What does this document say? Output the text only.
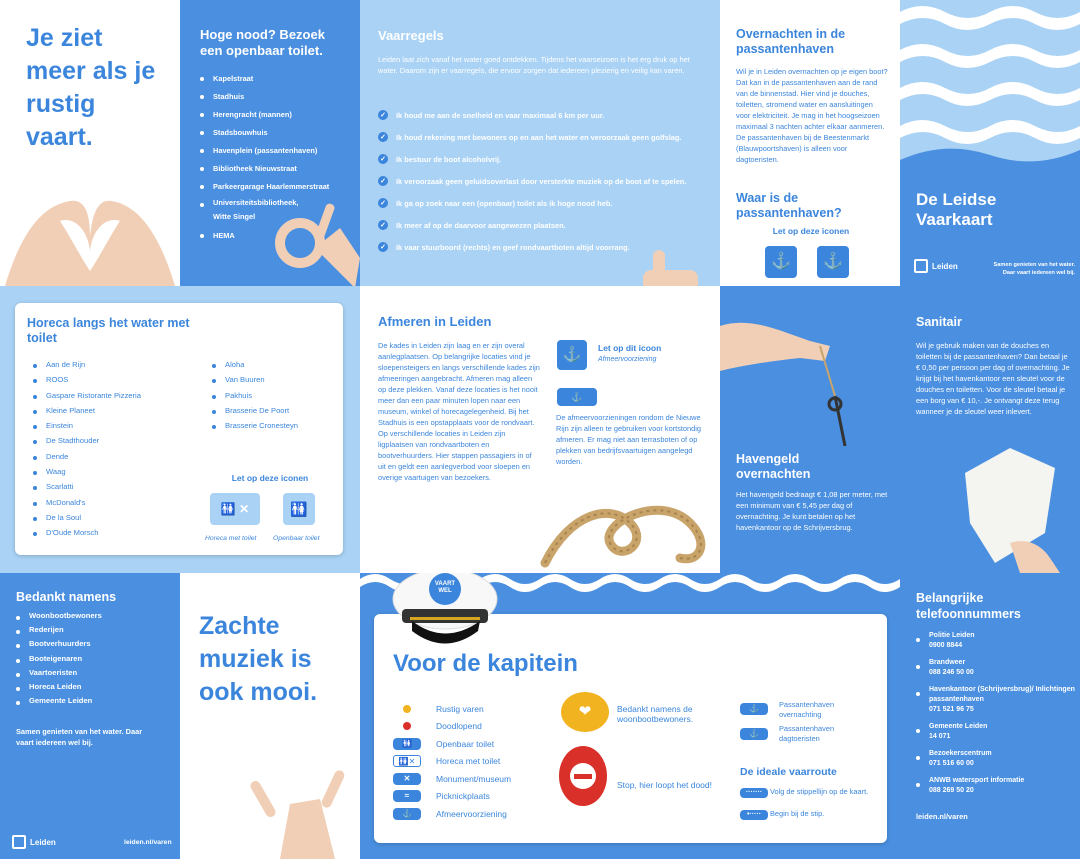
Je ziet meer als je rustig vaart.
Hoge nood? Bezoek een openbaar toilet.
Kapelstraat
Stadhuis
Herengracht (mannen)
Stadsbouwhuis
Havenplein (passantenhaven)
Bibliotheek Nieuwstraat
Parkeergarage Haarlemmerstraat
Universiteitsbibliotheek, Witte Singel
HEMA
Vaarregels
Leiden laat zich vanaf het water goed ontdekken. Tijdens het vaarseizoen is het erg druk op het water. Daarom zijn er vaarregels, die ervoor zorgen dat iedereen plezierig en veilig kan varen.
✓ Ik houd me aan de snelheid en vaar maximaal 6 km per uur.
✓ Ik houd rekening met bewoners op en aan het water en veroorzaak geen golfslag.
✓ Ik bestuur de boot alcoholvrij.
✓ Ik veroorzaak geen geluidsoverlast door versterkte muziek op de boot af te spelen.
✓ Ik ga op zoek naar een (openbaar) toilet als ik hoge nood heb.
✓ Ik meer af op de daarvoor aangewezen plaatsen.
✓ Ik vaar stuurboord (rechts) en geef rondvaartboten altijd voorrang.
Overnachten in de passantenhaven
Wil je in Leiden overnachten op je eigen boot? Dat kan in de passantenhaven aan de rand van de binnenstad. Hier vind je douches, toiletten, stromend water en aansluitingen voor elektriciteit. Je mag in het hoogseizoen maximaal 3 nachten achter elkaar aanmeren. De passantenhaven bij de Beestenmarkt (Blauwpoortshaven) is alleen voor dagtoeristen.
Waar is de passantenhaven?
Let op deze iconen
⚓	⚓
De Leidse Vaarkaart
Leiden	Samen genieten van het water. Daar vaart iedereen wel bij.
Horeca langs het water met toilet
Aan de Rijn
ROOS
Gaspare Ristorante Pizzeria
Kleine Planeet
Einstein
De Stadthouder
Dende
Waag
Scarlatti
McDonald's
De la Soul
D'Oude Morsch
Aloha
Van Buuren
Pakhuis
Brasserie De Poort
Brasserie Cronesteyn
Let op deze iconen
🚻 ✕	🚻
Horeca met toilet Openbaar toilet
Afmeren in Leiden
De kades in Leiden zijn laag en er zijn overal aanlegplaatsen. Op belangrijke locaties vind je sloepensteigers en langs verschillende kades zijn afmeeringen aangebracht. Afmeren mag alleen op deze plekken. Vanaf deze locaties is het nooit meer dan een paar minuten lopen naar een museum, winkel of horecagelegenheid. Bij het Stadhuis is een opstapplaats voor de rondvaart. Op verschillende locaties in Leiden zijn ligplaatsen van rondvaartboten en bootverhuurders. Hier stappen passagiers in of uit en geldt een aanlegverbod voor sloepen en overige vaartuigen van bezoekers.
⚓	Let op dit icoon
Afmeervoorziening
⚓
De afmeervoorzieningen rondom de Nieuwe Rijn zijn alleen te gebruiken voor kortstondig afmeren. Er mag niet aan terrasboten of op plekken van bedrijfsvaartuigen aangelegd worden.	Havengeld overnachten
Het havengeld bedraagt € 1,08 per meter, met een minimum van € 5,45 per dag of overnachting. Je kunt betalen op het havenkantoor op de Schrijversbrug.
Sanitair
Wil je gebruik maken van de douches en toiletten bij de passantenhaven? Dan betaal je € 0,50 per persoon per dag of overnachting. Je krijgt bij het havenkantoor een sleutel voor de douches en toiletten. Voor de sleutel betaal je een borg van € 10,-. Je ontvangt deze terug wanneer je de sleutel weer inlevert.
Bedankt namens
Woonbootbewoners
Rederijen
Bootverhuurders
Booteigenaren
Vaartoeristen
Horeca Leiden
Gemeente Leiden
Samen genieten van het water. Daar vaart iedereen wel bij.
Leiden	leiden.nl/varen
Zachte muziek is ook mooi.
Voor de kapitein
Rustig varen
Doodlopend
🚻	Openbaar toilet
🚻✕	Horeca met toilet
✕	Monument/museum
≈	Picknickplaats
⚓	Afmeervoorziening
❤	Bedankt namens de woonbootbewoners.
Stop, hier loopt het dood!
⚓	Passantenhaven overnachting
⚓
Passantenhaven dagtoeristen
De ideale vaarroute
·······	Volg de stippellijn op de kaart.
•·····	Begin bij de stip.
VAART WEL	Belangrijke telefoonnummers
Politie Leiden
0900 8844
Brandweer
088 246 50 00
Havenkantoor (Schrijversbrug)/ Inlichtingen passantenhaven
071 521 96 75
Gemeente Leiden
14 071
Bezoekerscentrum
071 516 60 00
ANWB watersport informatie
088 269 50 20
leiden.nl/varen
